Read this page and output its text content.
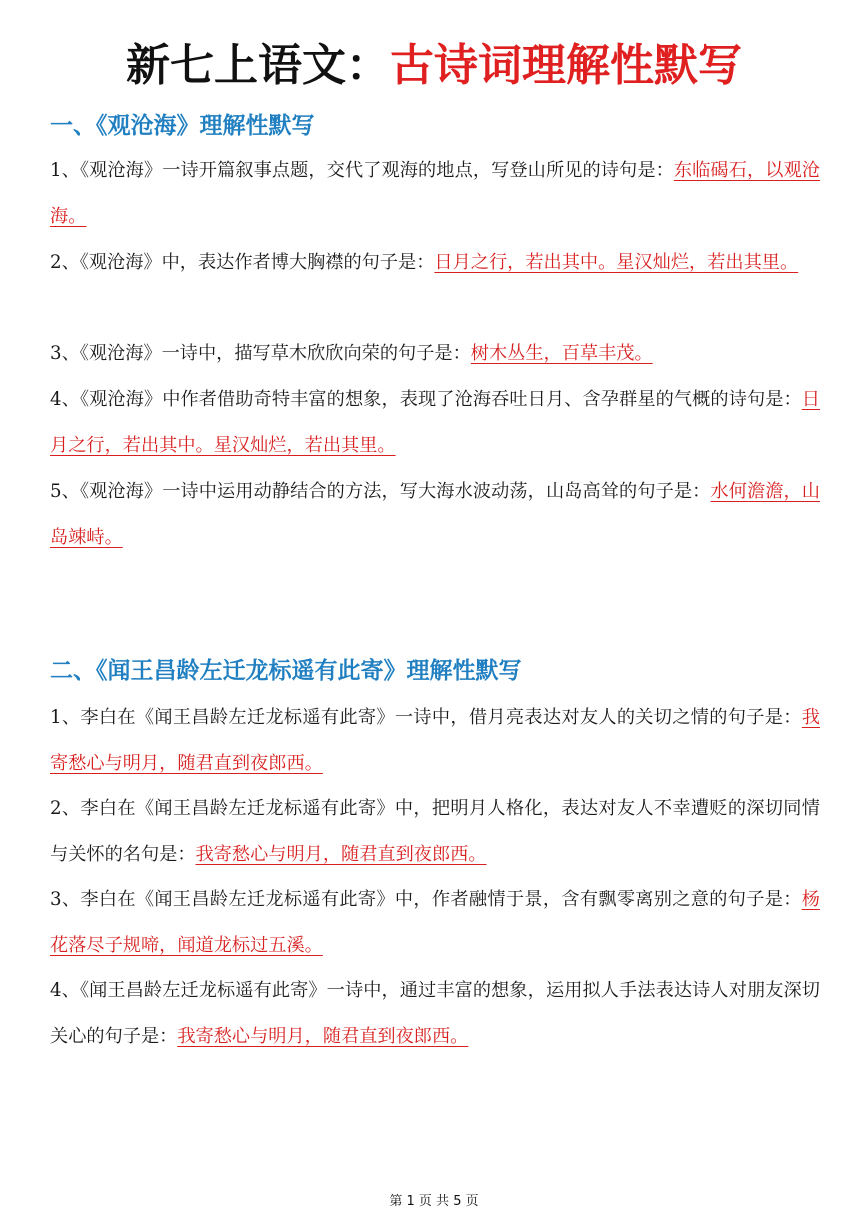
新七上语文：古诗词理解性默写
一、《观沧海》理解性默写

1、《观沧海》一诗开篇叙事点题，交代了观海的地点，写登山所见的诗句是：东临碣石，以观沧海。

2、《观沧海》中，表达作者博大胸襟的句子是：日月之行，若出其中。星汉灿烂，若出其里。

3、《观沧海》一诗中，描写草木欣欣向荣的句子是：树木丛生，百草丰茂。

4、《观沧海》中作者借助奇特丰富的想象，表现了沧海吞吐日月、含孕群星的气概的诗句是：日月之行，若出其中。星汉灿烂，若出其里。

5、《观沧海》一诗中运用动静结合的方法，写大海水波动荡，山岛高耸的句子是：水何澹澹，山岛竦峙。

二、《闻王昌龄左迁龙标遥有此寄》理解性默写

1、李白在《闻王昌龄左迁龙标遥有此寄》一诗中，借月亮表达对友人的关切之情的句子是：我寄愁心与明月，随君直到夜郎西。

2、李白在《闻王昌龄左迁龙标遥有此寄》中，把明月人格化，表达对友人不幸遭贬的深切同情与关怀的名句是：我寄愁心与明月，随君直到夜郎西。

3、李白在《闻王昌龄左迁龙标遥有此寄》中，作者融情于景，含有飘零离别之意的句子是：杨花落尽子规啼，闻道龙标过五溪。

4、《闻王昌龄左迁龙标遥有此寄》一诗中，通过丰富的想象，运用拟人手法表达诗人对朋友深切关心的句子是：我寄愁心与明月，随君直到夜郎西。

第 1 页 共 5 页
